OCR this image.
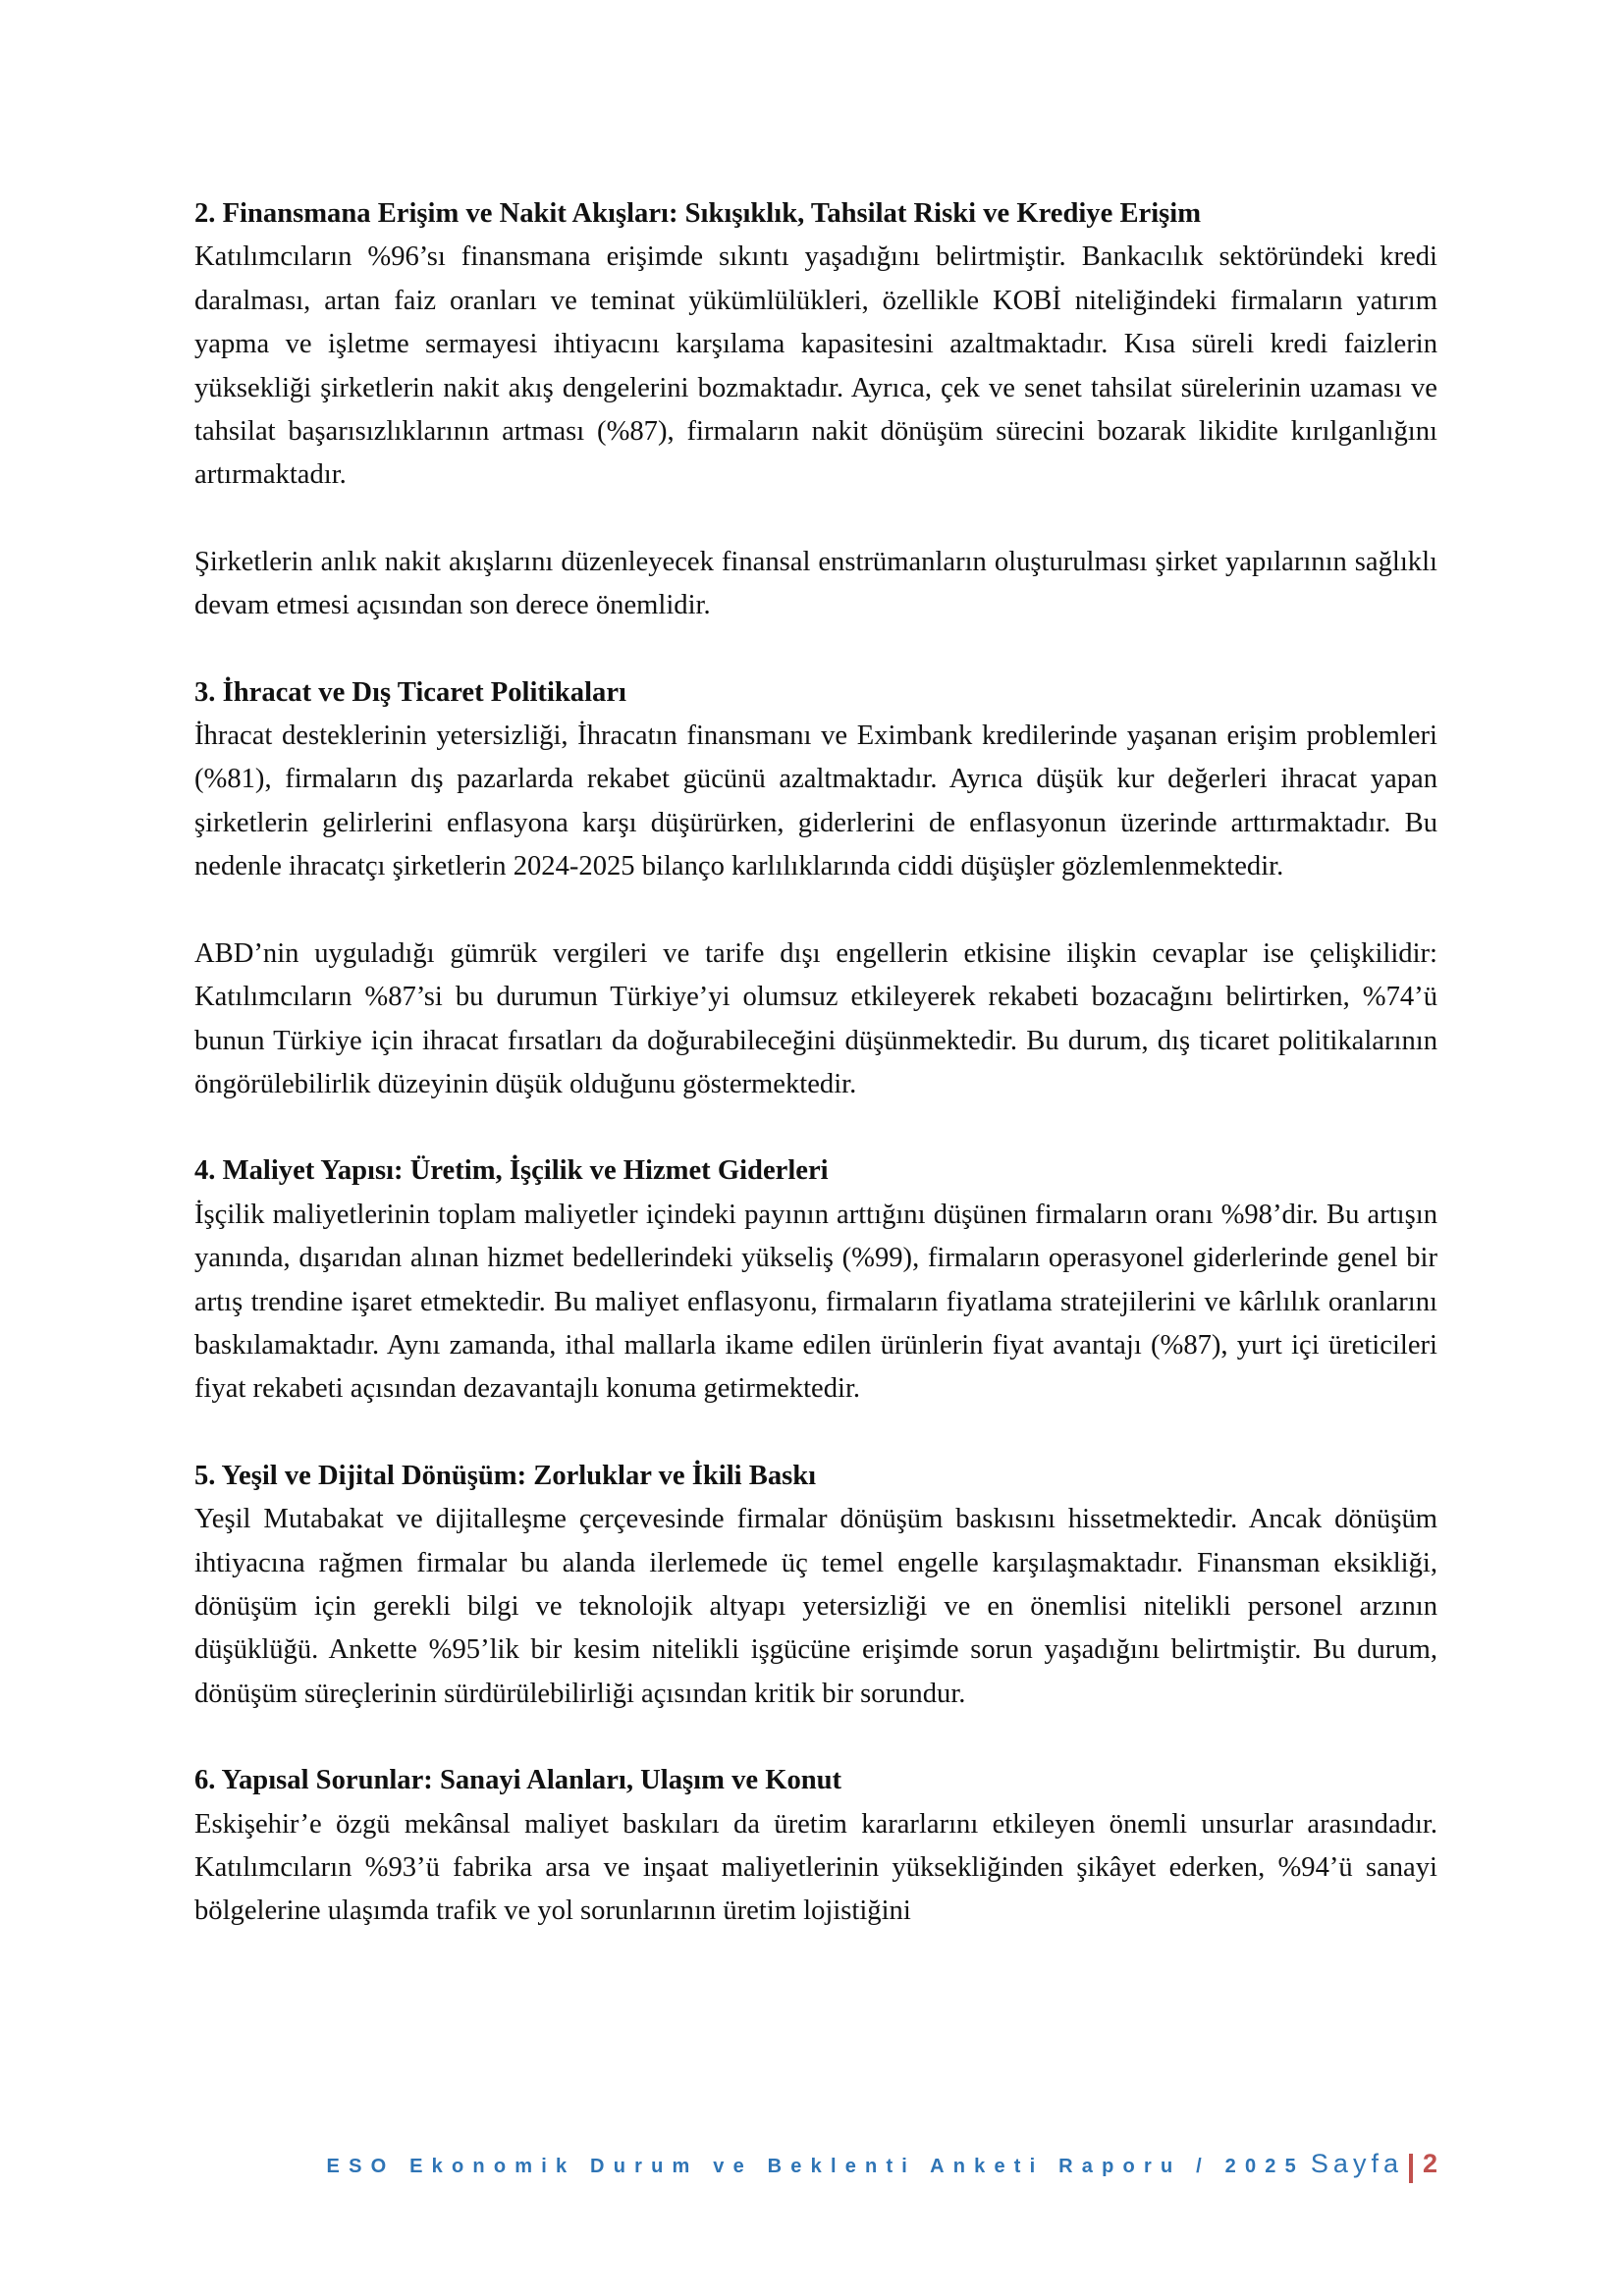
2. Finansmana Erişim ve Nakit Akışları: Sıkışıklık, Tahsilat Riski ve Krediye Erişim

Katılımcıların %96’sı finansmana erişimde sıkıntı yaşadığını belirtmiştir. Bankacılık sektöründeki kredi daralması, artan faiz oranları ve teminat yükümlülükleri, özellikle KOBİ niteliğindeki firmaların yatırım yapma ve işletme sermayesi ihtiyacını karşılama kapasitesini azaltmaktadır. Kısa süreli kredi faizlerin yüksekliği şirketlerin nakit akış dengelerini bozmaktadır. Ayrıca, çek ve senet tahsilat sürelerinin uzaması ve tahsilat başarısızlıklarının artması (%87), firmaların nakit dönüşüm sürecini bozarak likidite kırılganlığını artırmaktadır.

Şirketlerin anlık nakit akışlarını düzenleyecek finansal enstrümanların oluşturulması şirket yapılarının sağlıklı devam etmesi açısından son derece önemlidir.

3. İhracat ve Dış Ticaret Politikaları

İhracat desteklerinin yetersizliği, İhracatın finansmanı ve Eximbank kredilerinde yaşanan erişim problemleri (%81), firmaların dış pazarlarda rekabet gücünü azaltmaktadır. Ayrıca düşük kur değerleri ihracat yapan şirketlerin gelirlerini enflasyona karşı düşürürken, giderlerini de enflasyonun üzerinde arttırmaktadır. Bu nedenle ihracatçı şirketlerin 2024-2025 bilanço karlılıklarında ciddi düşüşler gözlemlenmektedir.

ABD’nin uyguladığı gümrük vergileri ve tarife dışı engellerin etkisine ilişkin cevaplar ise çelişkilidir: Katılımcıların %87’si bu durumun Türkiye’yi olumsuz etkileyerek rekabeti bozacağını belirtirken, %74’ü bunun Türkiye için ihracat fırsatları da doğurabileceğini düşünmektedir. Bu durum, dış ticaret politikalarının öngörülebilirlik düzeyinin düşük olduğunu göstermektedir.

4. Maliyet Yapısı: Üretim, İşçilik ve Hizmet Giderleri

İşçilik maliyetlerinin toplam maliyetler içindeki payının arttığını düşünen firmaların oranı %98’dir. Bu artışın yanında, dışarıdan alınan hizmet bedellerindeki yükseliş (%99), firmaların operasyonel giderlerinde genel bir artış trendine işaret etmektedir. Bu maliyet enflasyonu, firmaların fiyatlama stratejilerini ve kârlılık oranlarını baskılamaktadır. Aynı zamanda, ithal mallarla ikame edilen ürünlerin fiyat avantajı (%87), yurt içi üreticileri fiyat rekabeti açısından dezavantajlı konuma getirmektedir.

5. Yeşil ve Dijital Dönüşüm: Zorluklar ve İkili Baskı

Yeşil Mutabakat ve dijitalleşme çerçevesinde firmalar dönüşüm baskısını hissetmektedir. Ancak dönüşüm ihtiyacına rağmen firmalar bu alanda ilerlemede üç temel engelle karşılaşmaktadır. Finansman eksikliği, dönüşüm için gerekli bilgi ve teknolojik altyapı yetersizliği ve en önemlisi nitelikli personel arzının düşüklüğü. Ankette %95’lik bir kesim nitelikli işgücüne erişimde sorun yaşadığını belirtmiştir. Bu durum, dönüşüm süreçlerinin sürdürülebilirliği açısından kritik bir sorundur.

6. Yapısal Sorunlar: Sanayi Alanları, Ulaşım ve Konut

Eskişehir’e özgü mekânsal maliyet baskıları da üretim kararlarını etkileyen önemli unsurlar arasındadır. Katılımcıların %93’ü fabrika arsa ve inşaat maliyetlerinin yüksekliğinden şikâyet ederken, %94’ü sanayi bölgelerine ulaşımda trafik ve yol sorunlarının üretim lojistiğini

ESO Ekonomik Durum ve Beklenti Anketi Raporu / 2025 Sayfa 2
